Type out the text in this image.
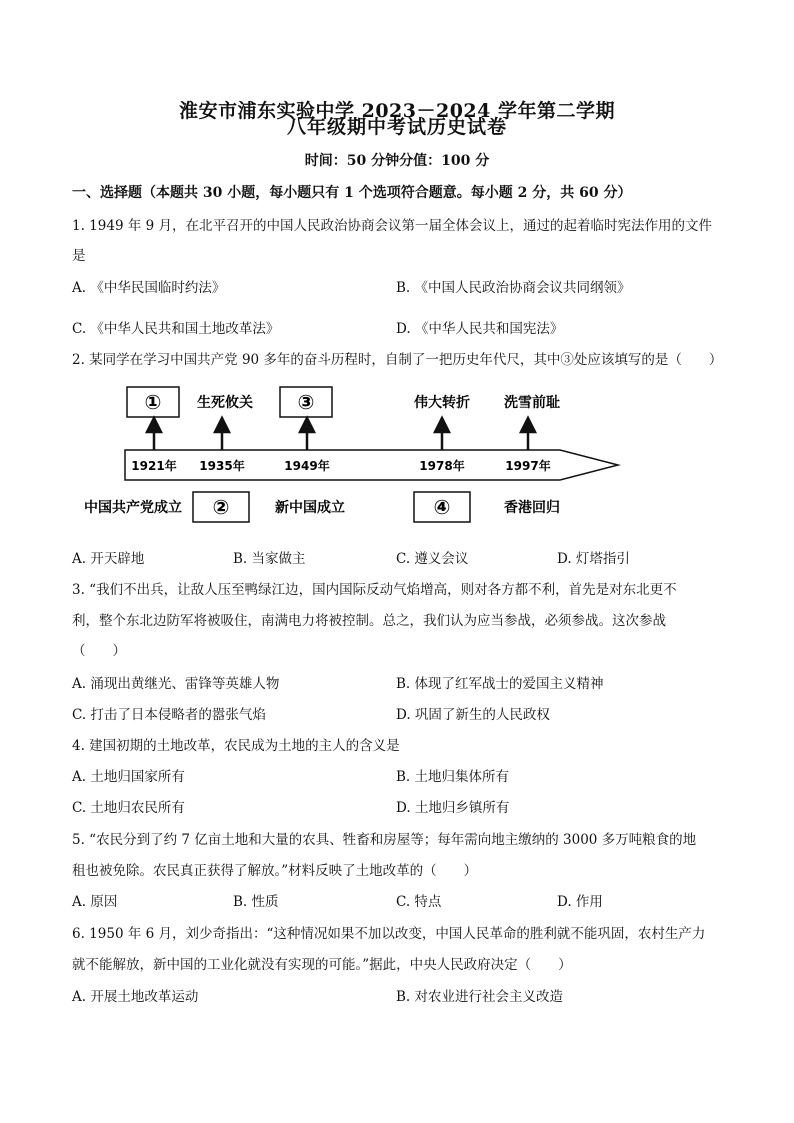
淮安市浦东实验中学 2023－2024 学年第二学期
八年级期中考试历史试卷
时间：50 分钟分值：100 分
一、选择题（本题共 30 小题，每小题只有 1 个选项符合题意。每小题 2 分，共 60 分）
1. 1949 年 9 月，在北平召开的中国人民政治协商会议第一届全体会议上，通过的起着临时宪法作用的文件
是
A. 《中华民国临时约法》	B. 《中国人民政治协商会议共同纲领》
C. 《中华人民共和国土地改革法》	D. 《中华人民共和国宪法》
2. 某同学在学习中国共产党 90 多年的奋斗历程时，自制了一把历史年代尺，其中③处应该填写的是（　　）
①	③
生死攸关	伟大转折 洗雪前耻
1921年 1935年	1949年	1978年	1997年
中国共产党成立 ②	新中国成立	④	香港回归
A. 开天辟地	B. 当家做主	C. 遵义会议	D. 灯塔指引
3. “我们不出兵，让敌人压至鸭绿江边，国内国际反动气焰增高，则对各方都不利，首先是对东北更不
利，整个东北边防军将被吸住，南满电力将被控制。总之，我们认为应当参战，必须参战。这次参战
（　　）
A. 涌现出黄继光、雷锋等英雄人物	B. 体现了红军战士的爱国主义精神
C. 打击了日本侵略者的嚣张气焰	D. 巩固了新生的人民政权
4. 建国初期的土地改革，农民成为土地的主人的含义是
A. 土地归国家所有	B. 土地归集体所有
C. 土地归农民所有	D. 土地归乡镇所有
5. “农民分到了约 7 亿亩土地和大量的农具、牲畜和房屋等；每年需向地主缴纳的 3000 多万吨粮食的地
租也被免除。农民真正获得了解放。”材料反映了土地改革的（　　）
A. 原因	B. 性质	C. 特点	D. 作用
6. 1950 年 6 月，刘少奇指出：“这种情况如果不加以改变，中国人民革命的胜利就不能巩固，农村生产力
就不能解放，新中国的工业化就没有实现的可能。”据此，中央人民政府决定（　　）
A. 开展土地改革运动	B. 对农业进行社会主义改造
